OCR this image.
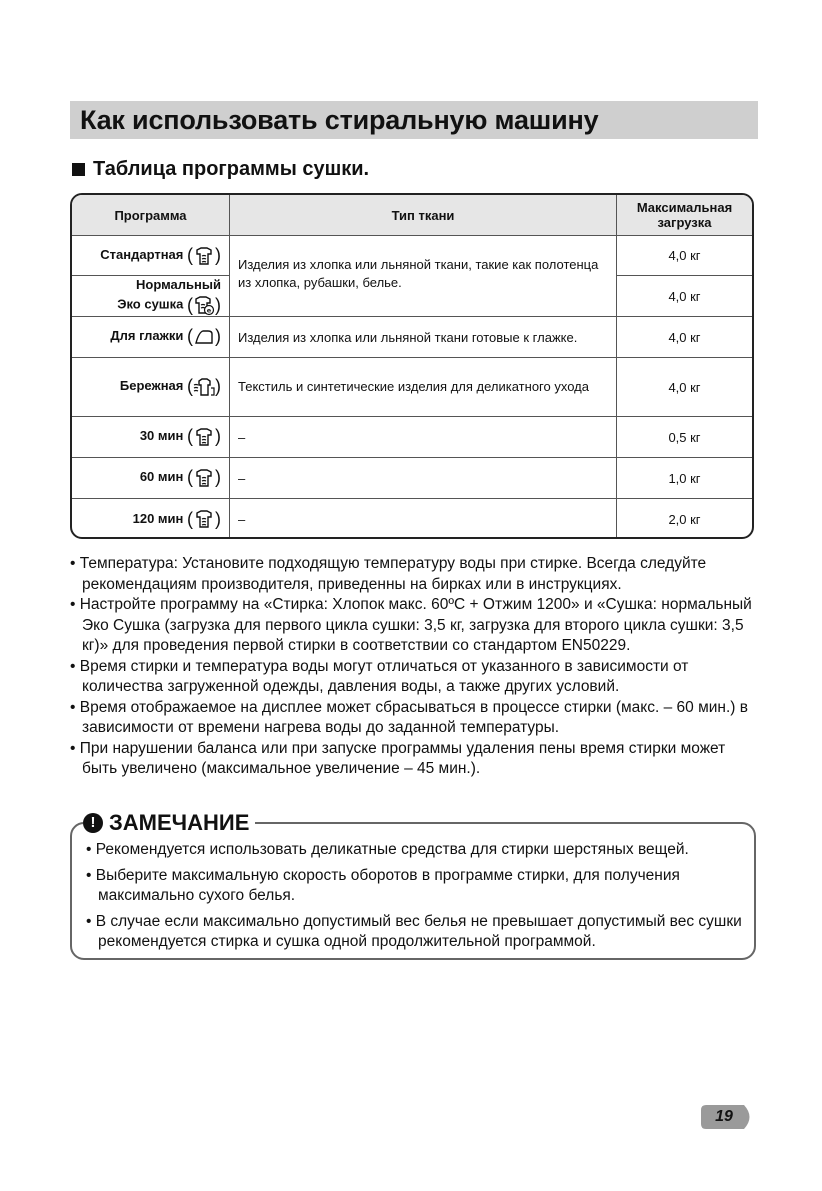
Как использовать стиральную машину
Таблица программы сушки.
Программа	Тип ткани	Максимальная загрузка
Стандартная ( )	Изделия из хлопка или льняной ткани, такие как полотенца из хлопка, рубашки, белье.	4,0 кг

Нормальный
Эко сушка ( e )		4,0 кг
Для глажки ( )	Изделия из хлопка или льняной ткани готовые к глажке.	4,0 кг
Бережная ( )	Текстиль и синтетические изделия для деликатного ухода	4,0 кг
30 мин ( )	–	0,5 кг
60 мин ( )	–	1,0 кг
120 мин ( )	–	2,0 кг

• Температура: Установите подходящую температуру воды при стирке. Всегда следуйте рекомендациям производителя, приведенны на бирках или в инструкциях.

• Настройте программу на «Стирка: Хлопок макс. 60ºC + Отжим 1200» и «Сушка: нормальный Эко Сушка (загрузка для первого цикла сушки: 3,5 кг, загрузка для второго цикла сушки: 3,5 кг)» для проведения первой стирки в соответствии со стандартом EN50229.

• Время стирки и температура воды могут отличаться от указанного в зависимости от количества загруженной одежды, давления воды, а также других условий.

• Время отображаемое на дисплее может сбрасываться в процессе стирки (макс. – 60 мин.) в зависимости от времени нагрева воды до заданной температуры.

• При нарушении баланса или при запуске программы удаления пены время стирки может быть увеличено (максимальное увеличение – 45 мин.).

! ЗАМЕЧАНИЕ

• Рекомендуется использовать деликатные средства для стирки шерстяных вещей.

• Выберите максимальную скорость оборотов в программе стирки, для получения максимально сухого белья.

• В случае если максимально допустимый вес белья не превышает допустимый вес сушки рекомендуется стирка и сушка одной продолжительной программой.

19
